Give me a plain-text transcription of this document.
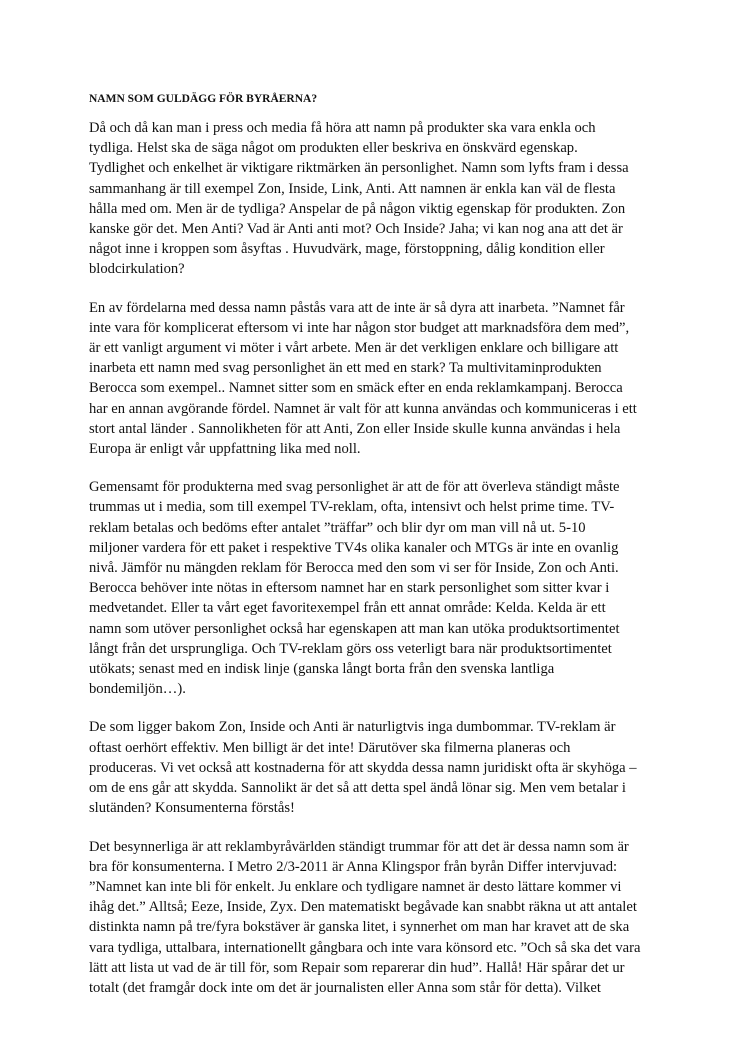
NAMN SOM GULDÄGG FÖR BYRÅERNA?
Då och då kan man i press och media få höra att namn på produkter ska vara enkla och
tydliga. Helst ska de säga något om produkten eller beskriva en önskvärd egenskap.
Tydlighet och enkelhet är viktigare riktmärken än personlighet. Namn som lyfts fram i dessa
sammanhang är till exempel Zon, Inside, Link, Anti. Att namnen är enkla kan väl de flesta
hålla med om. Men är de tydliga? Anspelar de på någon viktig egenskap för produkten. Zon
kanske gör det. Men Anti? Vad är Anti anti mot? Och Inside? Jaha; vi kan nog ana att det är
något inne i kroppen som åsyftas . Huvudvärk, mage, förstoppning, dålig kondition eller
blodcirkulation?
En av fördelarna med dessa namn påstås vara att de inte är så dyra att inarbeta. ”Namnet får
inte vara för komplicerat eftersom vi inte har någon stor budget att marknadsföra dem med”,
är ett vanligt argument vi möter i vårt arbete. Men är det verkligen enklare och billigare att
inarbeta ett namn med svag personlighet än ett med en stark? Ta multivitaminprodukten
Berocca som exempel.. Namnet sitter som en smäck efter en enda reklamkampanj. Berocca
har en annan avgörande fördel. Namnet är valt för att kunna användas och kommuniceras i ett
stort antal länder . Sannolikheten för att Anti, Zon eller Inside skulle kunna användas i hela
Europa är enligt vår uppfattning lika med noll.
Gemensamt för produkterna med svag personlighet är att de för att överleva ständigt måste
trummas ut i media, som till exempel TV-reklam, ofta, intensivt och helst prime time. TV-
reklam betalas och bedöms efter antalet ”träffar” och blir dyr om man vill nå ut. 5-10
miljoner vardera för ett paket i respektive TV4s olika kanaler och MTGs är inte en ovanlig
nivå. Jämför nu mängden reklam för Berocca med den som vi ser för Inside, Zon och Anti.
Berocca behöver inte nötas in eftersom namnet har en stark personlighet som sitter kvar i
medvetandet. Eller ta vårt eget favoritexempel från ett annat område: Kelda. Kelda är ett
namn som utöver personlighet också har egenskapen att man kan utöka produktsortimentet
långt från det ursprungliga. Och TV-reklam görs oss veterligt bara när produktsortimentet
utökats; senast med en indisk linje (ganska långt borta från den svenska lantliga
bondemiljön…).
De som ligger bakom Zon, Inside och Anti är naturligtvis inga dumbommar. TV-reklam är
oftast oerhört effektiv. Men billigt är det inte! Därutöver ska filmerna planeras och
produceras. Vi vet också att kostnaderna för att skydda dessa namn juridiskt ofta är skyhöga –
om de ens går att skydda. Sannolikt är det så att detta spel ändå lönar sig. Men vem betalar i
slutänden? Konsumenterna förstås!
Det besynnerliga är att reklambyråvärlden ständigt trummar för att det är dessa namn som är
bra för konsumenterna. I Metro 2/3-2011 är Anna Klingspor från byrån Differ intervjuvad:
”Namnet kan inte bli för enkelt. Ju enklare och tydligare namnet är desto lättare kommer vi
ihåg det.” Alltså; Eeze, Inside, Zyx. Den matematiskt begåvade kan snabbt räkna ut att antalet
distinkta namn på tre/fyra bokstäver är ganska litet, i synnerhet om man har kravet att de ska
vara tydliga, uttalbara, internationellt gångbara och inte vara könsord etc. ”Och så ska det vara
lätt att lista ut vad de är till för, som Repair som reparerar din hud”. Hallå! Här spårar det ur
totalt (det framgår dock inte om det är journalisten eller Anna som står för detta). Vilket
